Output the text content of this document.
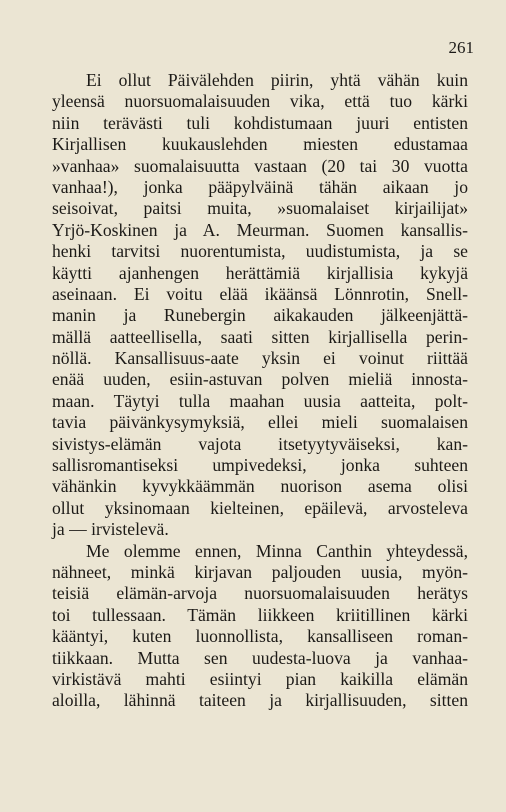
261
Ei ollut Päivälehden piirin, yhtä vähän kuin
yleensä nuorsuomalaisuuden vika, että tuo kärki
niin terävästi tuli kohdistumaan juuri entisten
Kirjallisen kuukauslehden miesten edustamaa
»vanhaa» suomalaisuutta vastaan (20 tai 30 vuotta
vanhaa!), jonka pääpylväinä tähän aikaan jo
seisoivat, paitsi muita, »suomalaiset kirjailijat»
Yrjö-Koskinen ja A. Meurman. Suomen kansallis-
henki tarvitsi nuorentumista, uudistumista, ja se
käytti ajanhengen herättämiä kirjallisia kykyjä
aseinaan. Ei voitu elää ikäänsä Lönnrotin, Snell-
manin ja Runebergin aikakauden jälkeenjättä-
mällä aatteellisella, saati sitten kirjallisella perin-
nöllä. Kansallisuus-aate yksin ei voinut riittää
enää uuden, esiin-astuvan polven mieliä innosta-
maan. Täytyi tulla maahan uusia aatteita, polt-
tavia päivänkysymyksiä, ellei mieli suomalaisen
sivistys-elämän vajota itsetyytyväiseksi, kan-
sallisromantiseksi umpivedeksi, jonka suhteen
vähänkin kyvykkäämmän nuorison asema olisi
ollut yksinomaan kielteinen, epäilevä, arvosteleva
ja — irvistelevä.
Me olemme ennen, Minna Canthin yhteydessä,
nähneet, minkä kirjavan paljouden uusia, myön-
teisiä elämän-arvoja nuorsuomalaisuuden herätys
toi tullessaan. Tämän liikkeen kriitillinen kärki
kääntyi, kuten luonnollista, kansalliseen roman-
tiikkaan. Mutta sen uudesta-luova ja vanhaa-
virkistävä mahti esiintyi pian kaikilla elämän
aloilla, lähinnä taiteen ja kirjallisuuden, sitten
